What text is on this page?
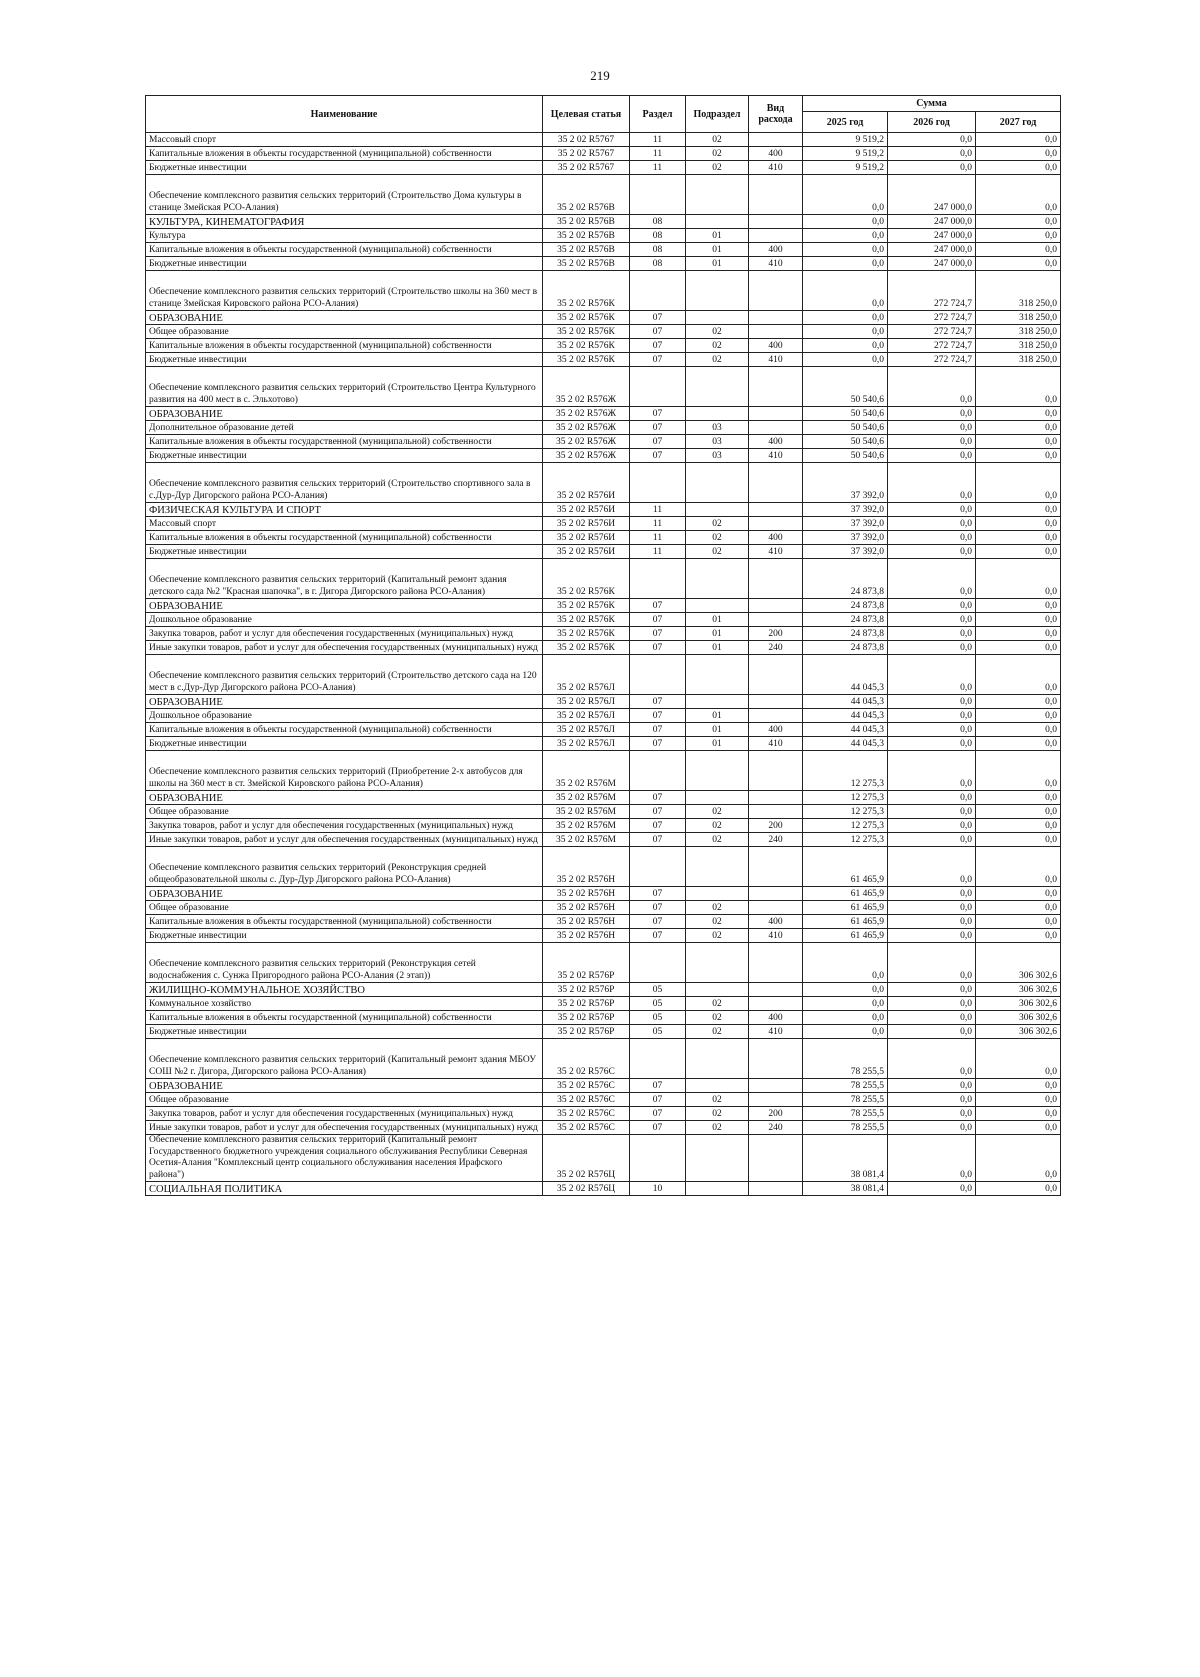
219
Наименование	Целевая статья	Раздел	Подраздел	Вид расхода	Сумма		
					2025 год	2026 год	2027 год
Массовый спорт	35 2 02 R5767	11	02		9 519,2	0,0	0,0
Капитальные вложения в объекты государственной (муниципальной) собственности	35 2 02 R5767	11	02	400	9 519,2	0,0	0,0
Бюджетные инвестиции	35 2 02 R5767	11	02	410	9 519,2	0,0	0,0
Обеспечение комплексного развития сельских территорий (Строительство Дома культуры в станице Змейская РСО-Алания)	35 2 02 R576В				0,0	247 000,0	0,0
КУЛЬТУРА, КИНЕМАТОГРАФИЯ	35 2 02 R576В	08			0,0	247 000,0	0,0
Культура	35 2 02 R576В	08	01		0,0	247 000,0	0,0
Капитальные вложения в объекты государственной (муниципальной) собственности	35 2 02 R576В	08	01	400	0,0	247 000,0	0,0
Бюджетные инвестиции	35 2 02 R576В	08	01	410	0,0	247 000,0	0,0
Обеспечение комплексного развития сельских территорий (Строительство школы на 360 мест в станице Змейская Кировского района РСО-Алания)	35 2 02 R576К				0,0	272 724,7	318 250,0
ОБРАЗОВАНИЕ	35 2 02 R576К	07			0,0	272 724,7	318 250,0
Общее образование	35 2 02 R576К	07	02		0,0	272 724,7	318 250,0
Капитальные вложения в объекты государственной (муниципальной) собственности	35 2 02 R576К	07	02	400	0,0	272 724,7	318 250,0
Бюджетные инвестиции	35 2 02 R576К	07	02	410	0,0	272 724,7	318 250,0
Обеспечение комплексного развития сельских территорий (Строительство Центра Культурного развития на 400 мест в с. Эльхотово)	35 2 02 R576Ж				50 540,6	0,0	0,0
ОБРАЗОВАНИЕ	35 2 02 R576Ж	07			50 540,6	0,0	0,0
Дополнительное образование детей	35 2 02 R576Ж	07	03		50 540,6	0,0	0,0
Капитальные вложения в объекты государственной (муниципальной) собственности	35 2 02 R576Ж	07	03	400	50 540,6	0,0	0,0
Бюджетные инвестиции	35 2 02 R576Ж	07	03	410	50 540,6	0,0	0,0
Обеспечение комплексного развития сельских территорий (Строительство спортивного зала в с.Дур-Дур Дигорского района РСО-Алания)	35 2 02 R576И				37 392,0	0,0	0,0
ФИЗИЧЕСКАЯ КУЛЬТУРА И СПОРТ	35 2 02 R576И	11			37 392,0	0,0	0,0
Массовый спорт	35 2 02 R576И	11	02		37 392,0	0,0	0,0
Капитальные вложения в объекты государственной (муниципальной) собственности	35 2 02 R576И	11	02	400	37 392,0	0,0	0,0
Бюджетные инвестиции	35 2 02 R576И	11	02	410	37 392,0	0,0	0,0
Обеспечение комплексного развития сельских территорий (Капитальный ремонт здания детского сада №2 "Красная шапочка", в г. Дигора Дигорского района РСО-Алания)	35 2 02 R576К				24 873,8	0,0	0,0
ОБРАЗОВАНИЕ	35 2 02 R576К	07			24 873,8	0,0	0,0
Дошкольное образование	35 2 02 R576К	07	01		24 873,8	0,0	0,0
Закупка товаров, работ и услуг для обеспечения государственных (муниципальных) нужд	35 2 02 R576К	07	01	200	24 873,8	0,0	0,0
Иные закупки товаров, работ и услуг для обеспечения государственных (муниципальных) нужд	35 2 02 R576К	07	01	240	24 873,8	0,0	0,0
Обеспечение комплексного развития сельских территорий (Строительство детского сада на 120 мест в с.Дур-Дур Дигорского района РСО-Алания)	35 2 02 R576Л				44 045,3	0,0	0,0
ОБРАЗОВАНИЕ	35 2 02 R576Л	07			44 045,3	0,0	0,0
Дошкольное образование	35 2 02 R576Л	07	01		44 045,3	0,0	0,0
Капитальные вложения в объекты государственной (муниципальной) собственности	35 2 02 R576Л	07	01	400	44 045,3	0,0	0,0
Бюджетные инвестиции	35 2 02 R576Л	07	01	410	44 045,3	0,0	0,0
Обеспечение комплексного развития сельских территорий (Приобретение 2-х автобусов для школы на 360 мест в ст. Змейской Кировского района РСО-Алания)	35 2 02 R576М				12 275,3	0,0	0,0
ОБРАЗОВАНИЕ	35 2 02 R576М	07			12 275,3	0,0	0,0
Общее образование	35 2 02 R576М	07	02		12 275,3	0,0	0,0
Закупка товаров, работ и услуг для обеспечения государственных (муниципальных) нужд	35 2 02 R576М	07	02	200	12 275,3	0,0	0,0
Иные закупки товаров, работ и услуг для обеспечения государственных (муниципальных) нужд	35 2 02 R576М	07	02	240	12 275,3	0,0	0,0
Обеспечение комплексного развития сельских территорий (Реконструкция средней общеобразовательной школы с. Дур-Дур Дигорского района РСО-Алания)	35 2 02 R576Н				61 465,9	0,0	0,0
ОБРАЗОВАНИЕ	35 2 02 R576Н	07			61 465,9	0,0	0,0
Общее образование	35 2 02 R576Н	07	02		61 465,9	0,0	0,0
Капитальные вложения в объекты государственной (муниципальной) собственности	35 2 02 R576Н	07	02	400	61 465,9	0,0	0,0
Бюджетные инвестиции	35 2 02 R576Н	07	02	410	61 465,9	0,0	0,0
Обеспечение комплексного развития сельских территорий (Реконструкция сетей водоснабжения с. Сунжа Пригородного района РСО-Алания (2 этап))	35 2 02 R576Р				0,0	0,0	306 302,6
ЖИЛИЩНО-КОММУНАЛЬНОЕ ХОЗЯЙСТВО	35 2 02 R576Р	05			0,0	0,0	306 302,6
Коммунальное хозяйство	35 2 02 R576Р	05	02		0,0	0,0	306 302,6
Капитальные вложения в объекты государственной (муниципальной) собственности	35 2 02 R576Р	05	02	400	0,0	0,0	306 302,6
Бюджетные инвестиции	35 2 02 R576Р	05	02	410	0,0	0,0	306 302,6
Обеспечение комплексного развития сельских территорий (Капитальный ремонт здания МБОУ СОШ №2 г. Дигора, Дигорского района РСО-Алания)	35 2 02 R576С				78 255,5	0,0	0,0
ОБРАЗОВАНИЕ	35 2 02 R576С	07			78 255,5	0,0	0,0
Общее образование	35 2 02 R576С	07	02		78 255,5	0,0	0,0
Закупка товаров, работ и услуг для обеспечения государственных (муниципальных) нужд	35 2 02 R576С	07	02	200	78 255,5	0,0	0,0
Иные закупки товаров, работ и услуг для обеспечения государственных (муниципальных) нужд	35 2 02 R576С	07	02	240	78 255,5	0,0	0,0
Обеспечение комплексного развития сельских территорий (Капитальный ремонт Государственного бюджетного учреждения социального обслуживания Республики Северная Осетия-Алания "Комплексный центр социального обслуживания населения Ирафского района")	35 2 02 R576Ц				38 081,4	0,0	0,0
СОЦИАЛЬНАЯ ПОЛИТИКА	35 2 02 R576Ц	10			38 081,4	0,0	0,0
